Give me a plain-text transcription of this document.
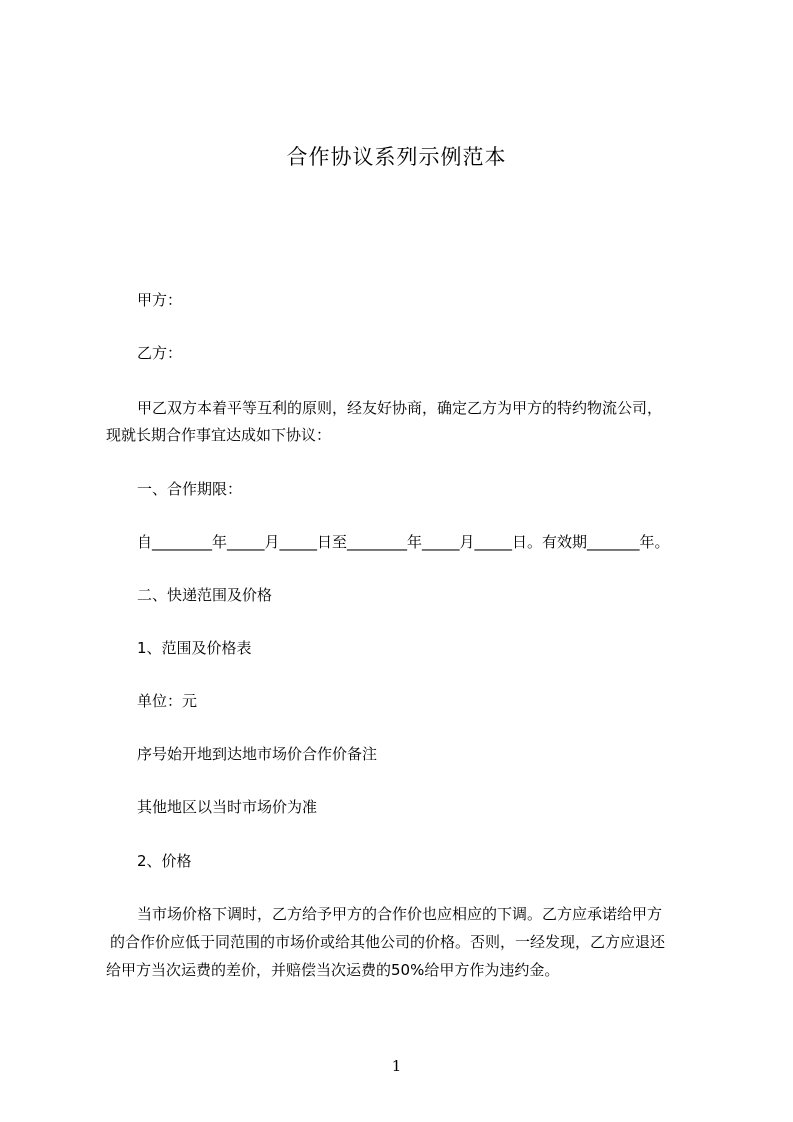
合作协议系列示例范本
甲方：
乙方：
甲乙双方本着平等互利的原则，经友好协商，确定乙方为甲方的特约物流公司，
现就长期合作事宜达成如下协议：
一、合作期限：
自________年_____月_____日至________年_____月_____日。有效期_______年。
二、快递范围及价格
1、范围及价格表
单位：元
序号始开地到达地市场价合作价备注
其他地区以当时市场价为准
2、价格
当市场价格下调时，乙方给予甲方的合作价也应相应的下调。乙方应承诺给甲方
的合作价应低于同范围的市场价或给其他公司的价格。否则，一经发现，乙方应退还
给甲方当次运费的差价，并赔偿当次运费的50%给甲方作为违约金。
1
